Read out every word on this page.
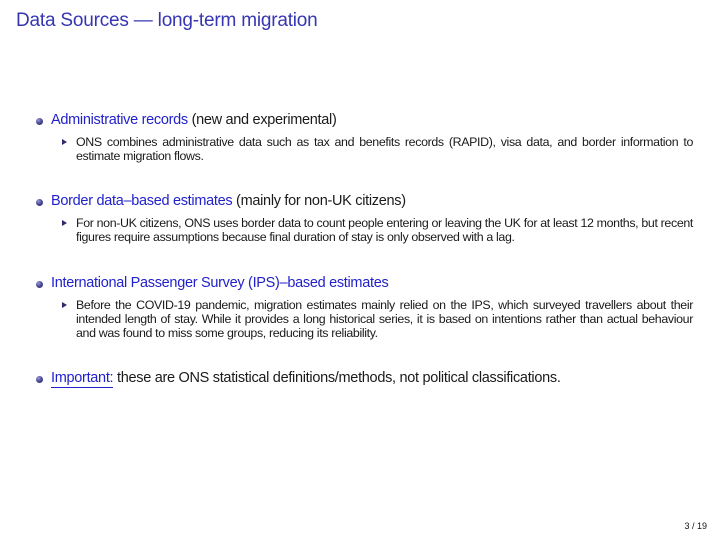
Data Sources — long-term migration
Administrative records (new and experimental)
ONS combines administrative data such as tax and benefits records (RAPID), visa data, and border information to estimate migration flows.
Border data–based estimates (mainly for non-UK citizens)
For non-UK citizens, ONS uses border data to count people entering or leaving the UK for at least 12 months, but recent figures require assumptions because final duration of stay is only observed with a lag.
International Passenger Survey (IPS)–based estimates
Before the COVID-19 pandemic, migration estimates mainly relied on the IPS, which surveyed travellers about their intended length of stay. While it provides a long historical series, it is based on intentions rather than actual behaviour and was found to miss some groups, reducing its reliability.
Important: these are ONS statistical definitions/methods, not political classifications.
3 / 19
